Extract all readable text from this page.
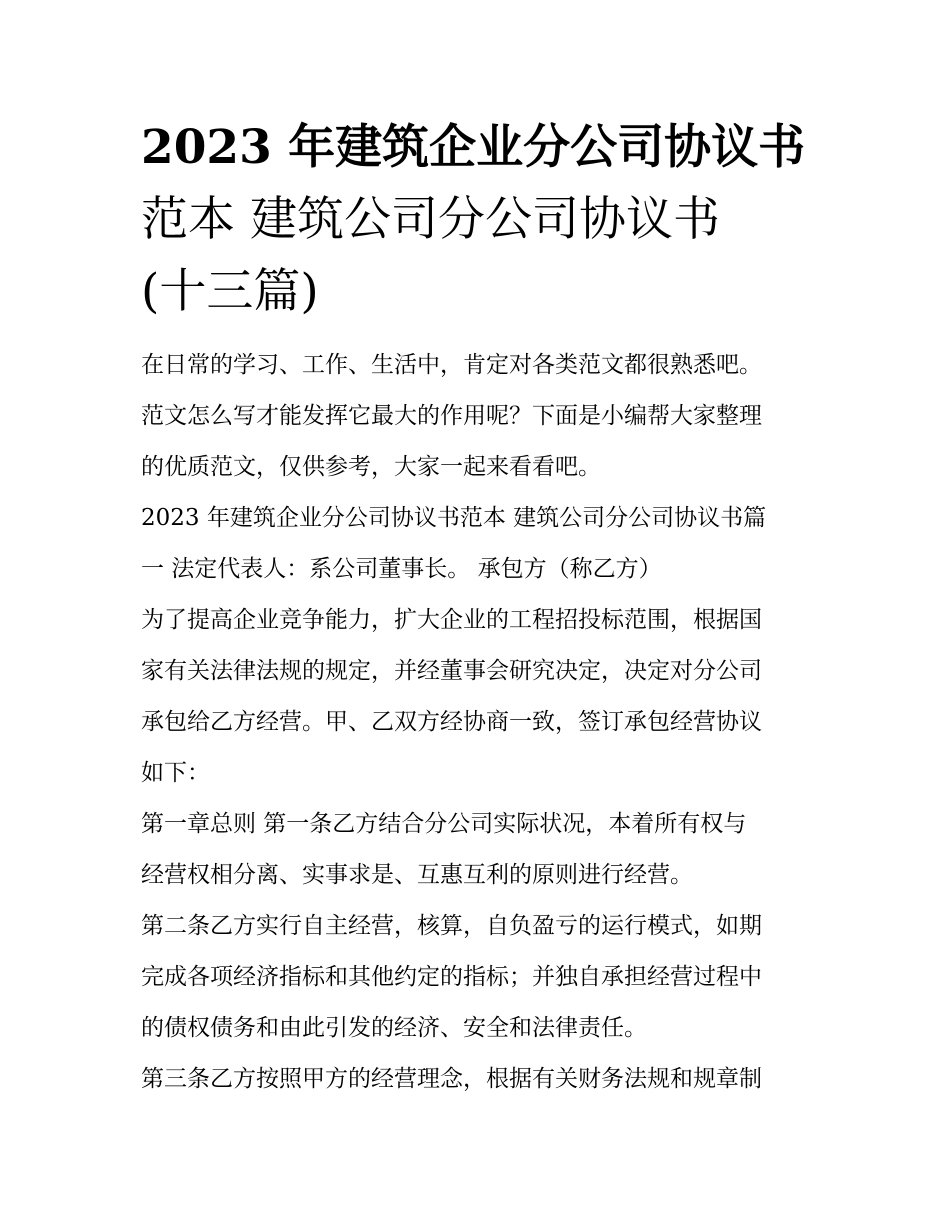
2023 年建筑企业分公司协议书
范本 建筑公司分公司协议书
(十三篇)

在日常的学习、工作、生活中，肯定对各类范文都很熟悉吧。
范文怎么写才能发挥它最大的作用呢？下面是小编帮大家整理
的优质范文，仅供参考，大家一起来看看吧。

2023 年建筑企业分公司协议书范本 建筑公司分公司协议书篇
一 法定代表人：系公司董事长。 承包方（称乙方）

为了提高企业竞争能力，扩大企业的工程招投标范围，根据国
家有关法律法规的规定，并经董事会研究决定，决定对分公司
承包给乙方经营。甲、乙双方经协商一致，签订承包经营协议
如下：

第一章总则 第一条乙方结合分公司实际状况，本着所有权与
经营权相分离、实事求是、互惠互利的原则进行经营。

第二条乙方实行自主经营，核算，自负盈亏的运行模式，如期
完成各项经济指标和其他约定的指标；并独自承担经营过程中
的债权债务和由此引发的经济、安全和法律责任。

第三条乙方按照甲方的经营理念，根据有关财务法规和规章制
